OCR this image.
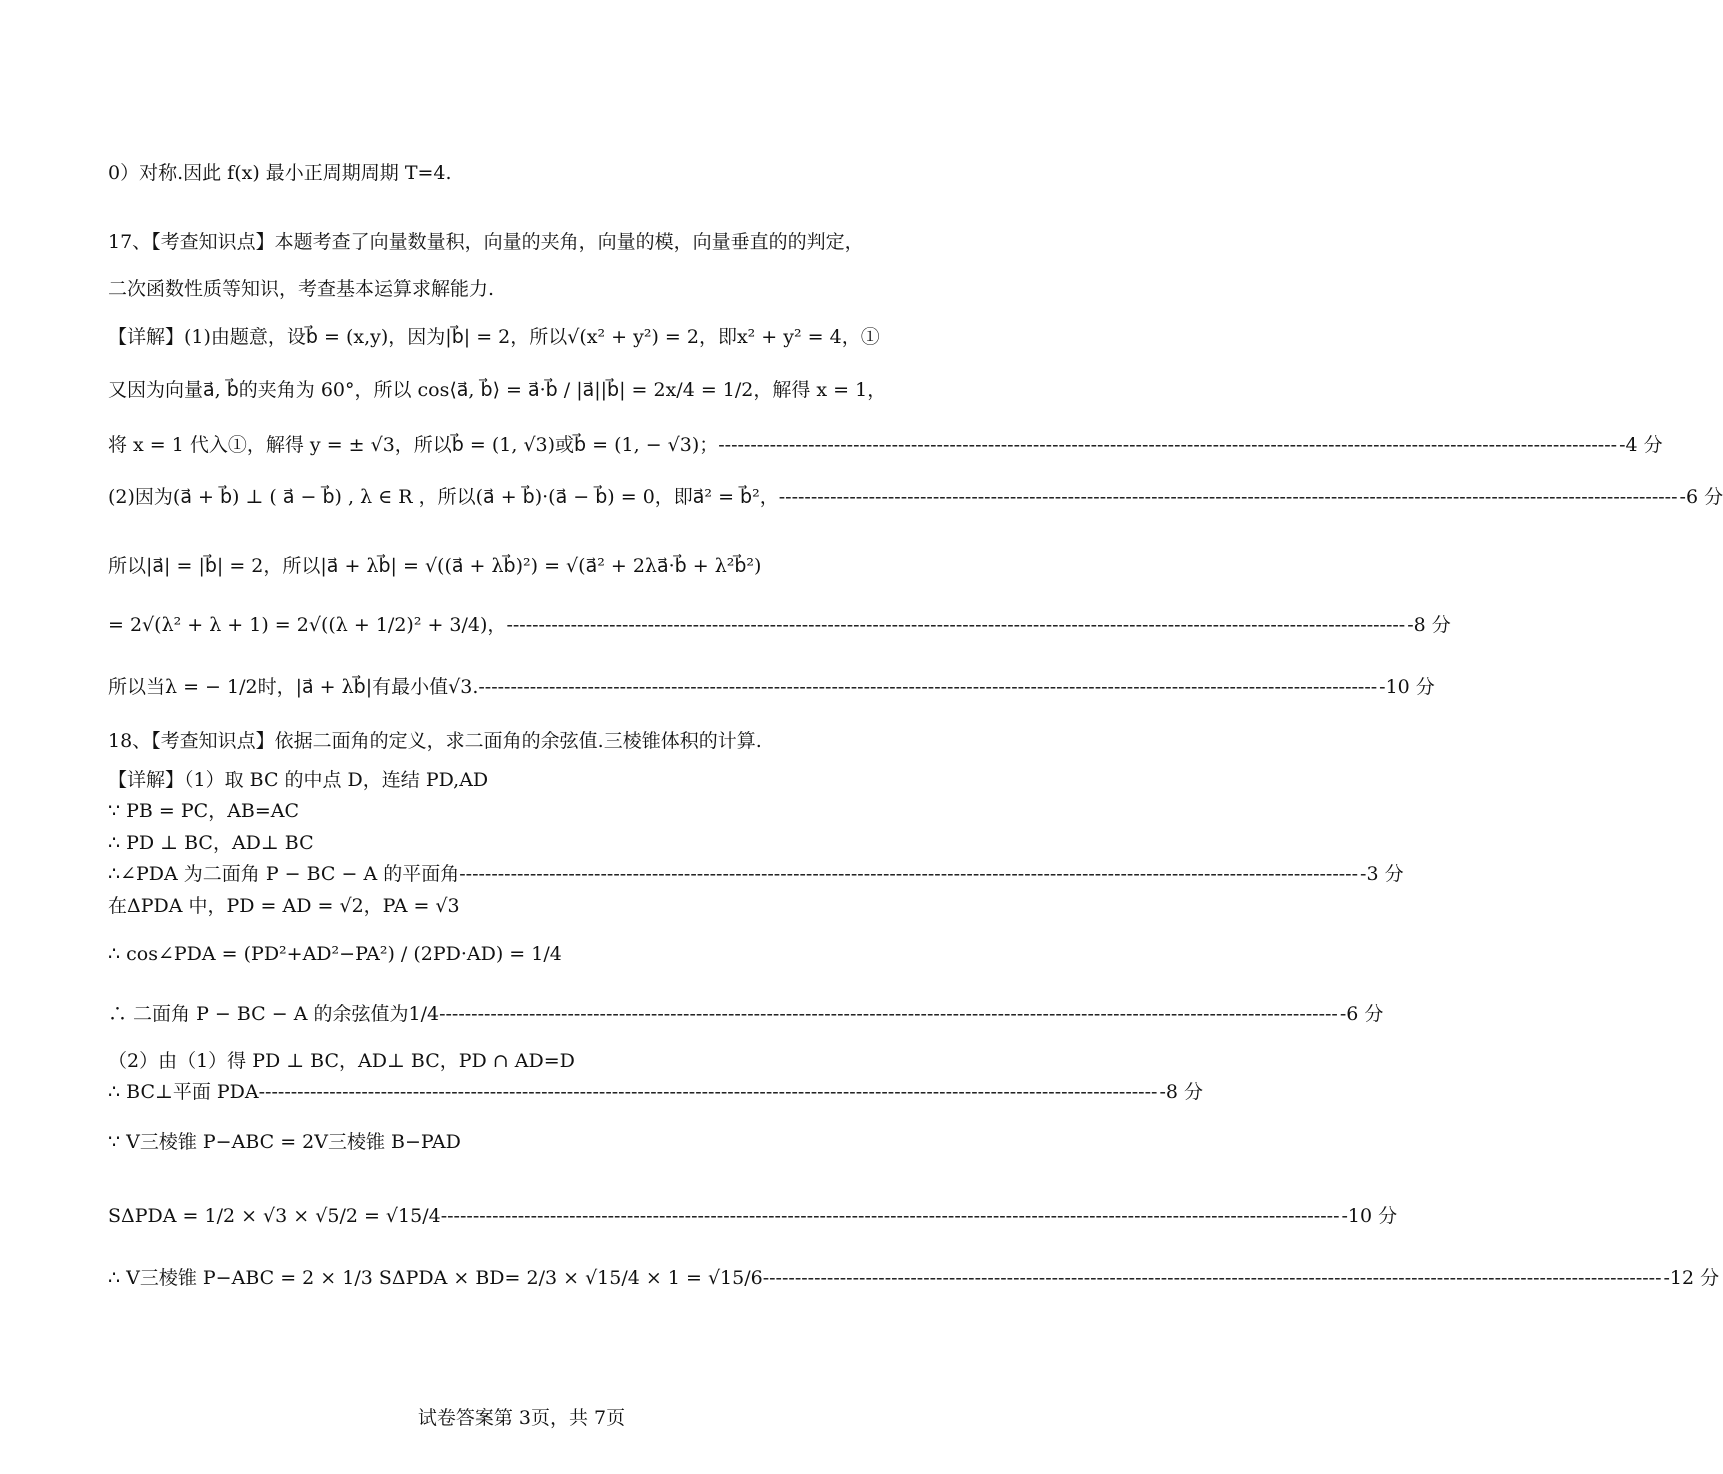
0）对称.因此 f(x) 最小正周期周期 T=4.
17、【考查知识点】本题考查了向量数量积，向量的夹角，向量的模，向量垂直的的判定，
二次函数性质等知识，考查基本运算求解能力.
【详解】(1)由题意，设b⃗ = (x,y)，因为|b⃗| = 2，所以√(x² + y²) = 2，即x² + y² = 4，①
又因为向量a⃗, b⃗的夹角为 60°，所以 cos⟨a⃗, b⃗⟩ = a⃗·b⃗ / |a⃗||b⃗| = 2x/4 = 1/2，解得 x = 1，
将 x = 1 代入①，解得 y = ± √3，所以b⃗ = (1, √3)或b⃗ = (1, − √3)； -------------------------------------------------------------------------------------------------------------------------------------------- -4 分
(2)因为(a⃗ + b⃗) ⊥ ( a⃗ − b⃗) , λ ∈ R ，所以(a⃗ + b⃗)·(a⃗ − b⃗) = 0，即a⃗² = b⃗²， -------------------------------------------------------------------------------------------------------------------------------------------- -6 分
所以|a⃗| = |b⃗| = 2，所以|a⃗ + λb⃗| = √((a⃗ + λb⃗)²) = √(a⃗² + 2λa⃗·b⃗ + λ²b⃗²)
= 2√(λ² + λ + 1) = 2√((λ + 1/2)² + 3/4)， -------------------------------------------------------------------------------------------------------------------------------------------- -8 分
所以当λ = − 1/2时，|a⃗ + λb⃗|有最小值√3. -------------------------------------------------------------------------------------------------------------------------------------------- -10 分
18、【考查知识点】依据二面角的定义，求二面角的余弦值.三棱锥体积的计算.
【详解】（1）取 BC 的中点 D，连结 PD,AD
∵ PB = PC，AB=AC
∴ PD ⊥ BC，AD⊥ BC
∴∠PDA 为二面角 P − BC − A 的平面角 -------------------------------------------------------------------------------------------------------------------------------------------- -3 分
在ΔPDA 中，PD = AD = √2，PA = √3
∴ cos∠PDA = (PD²+AD²−PA²) / (2PD·AD) = 1/4
∴ 二面角 P − BC − A 的余弦值为1/4 -------------------------------------------------------------------------------------------------------------------------------------------- -6 分
（2）由（1）得 PD ⊥ BC，AD⊥ BC，PD ∩ AD=D
∴ BC⊥平面 PDA -------------------------------------------------------------------------------------------------------------------------------------------- -8 分
∵ V三棱锥 P−ABC = 2V三棱锥 B−PAD
SΔPDA = 1/2 × √3 × √5/2 = √15/4 -------------------------------------------------------------------------------------------------------------------------------------------- -10 分
∴ V三棱锥 P−ABC = 2 × 1/3 SΔPDA × BD= 2/3 × √15/4 × 1 = √15/6 -------------------------------------------------------------------------------------------------------------------------------------------- -12 分
试卷答案第 3页，共 7页
